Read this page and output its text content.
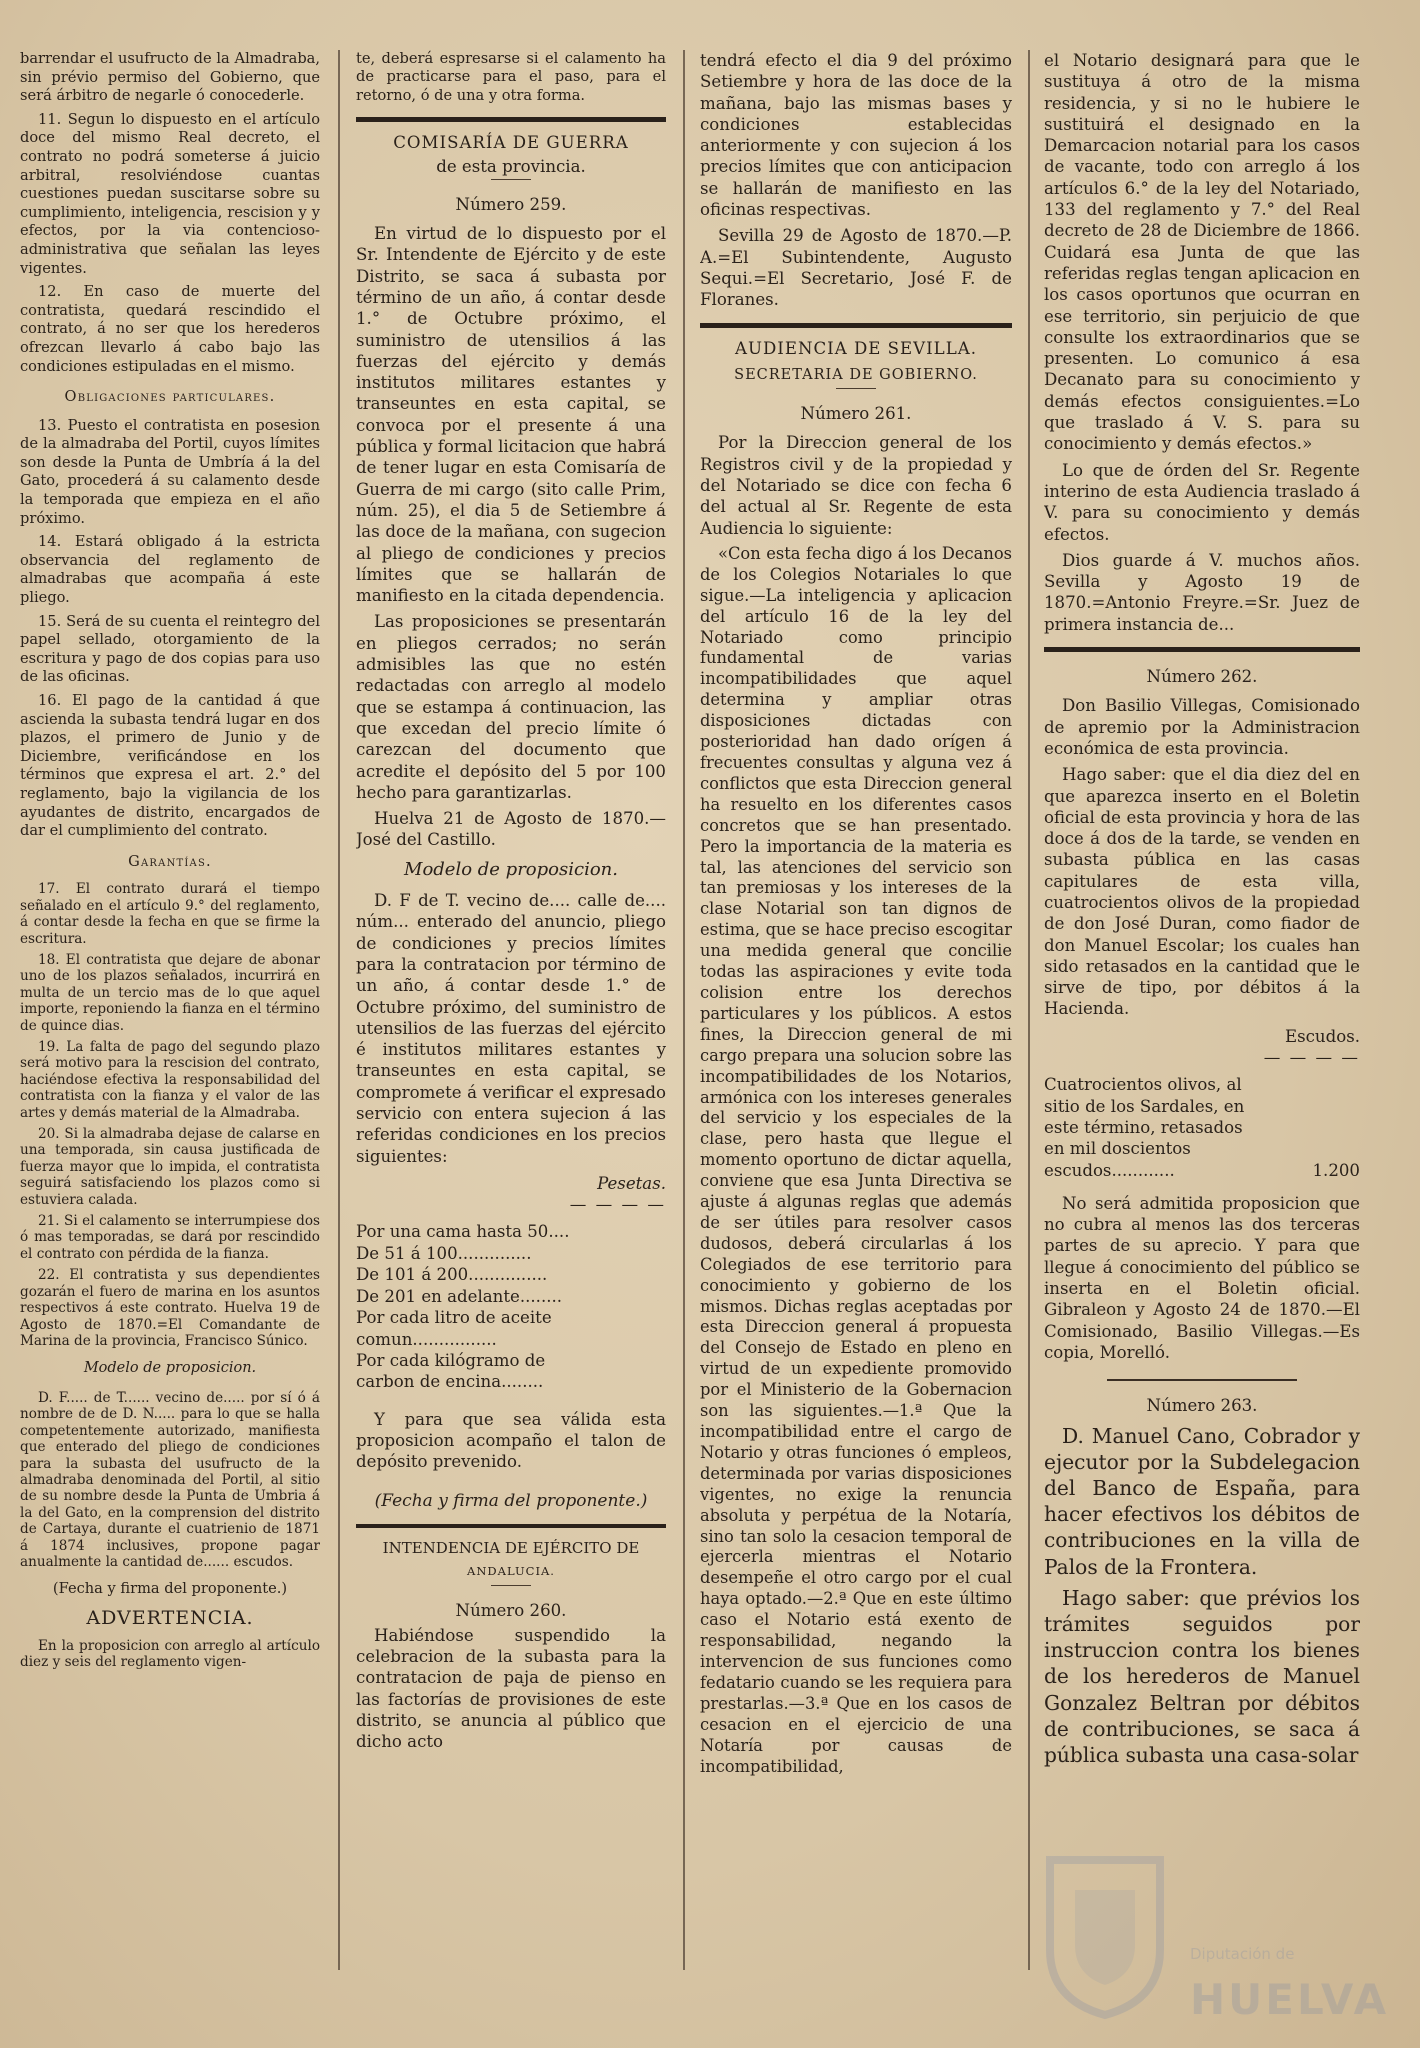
barrendar el usufructo de la Almadraba, sin prévio permiso del Gobierno, que será árbitro de negarle ó conocederle.

11. Segun lo dispuesto en el artículo doce del mismo Real decreto, el contrato no podrá someterse á juicio arbitral, resolviéndose cuantas cuestiones puedan suscitarse sobre su cumplimiento, inteligencia, rescision y y efectos, por la via contencioso-administrativa que señalan las leyes vigentes.

12. En caso de muerte del contratista, quedará rescindido el contrato, á no ser que los herederos ofrezcan llevarlo á cabo bajo las condiciones estipuladas en el mismo.

Obligaciones particulares.

13. Puesto el contratista en posesion de la almadraba del Portil, cuyos límites son desde la Punta de Umbría á la del Gato, procederá á su calamento desde la temporada que empieza en el año próximo.

14. Estará obligado á la estricta observancia del reglamento de almadrabas que acompaña á este pliego.

15. Será de su cuenta el reintegro del papel sellado, otorgamiento de la escritura y pago de dos copias para uso de las oficinas.

16. El pago de la cantidad á que ascienda la subasta tendrá lugar en dos plazos, el primero de Junio y de Diciembre, verificándose en los términos que expresa el art. 2.° del reglamento, bajo la vigilancia de los ayudantes de distrito, encargados de dar el cumplimiento del contrato.

Garantías.

17. El contrato durará el tiempo señalado en el artículo 9.° del reglamento, á contar desde la fecha en que se firme la escritura.

18. El contratista que dejare de abonar uno de los plazos señalados, incurrirá en multa de un tercio mas de lo que aquel importe, reponiendo la fianza en el término de quince dias.

19. La falta de pago del segundo plazo será motivo para la rescision del contrato, haciéndose efectiva la responsabilidad del contratista con la fianza y el valor de las artes y demás material de la Almadraba.

20. Si la almadraba dejase de calarse en una temporada, sin causa justificada de fuerza mayor que lo impida, el contratista seguirá satisfaciendo los plazos como si estuviera calada.

21. Si el calamento se interrumpiese dos ó mas temporadas, se dará por rescindido el contrato con pérdida de la fianza.

22. El contratista y sus dependientes gozarán el fuero de marina en los asuntos respectivos á este contrato. Huelva 19 de Agosto de 1870.=El Comandante de Marina de la provincia, Francisco Súnico.

Modelo de proposicion.

D. F..... de T...... vecino de..... por sí ó á nombre de de D. N..... para lo que se halla competentemente autorizado, manifiesta que enterado del pliego de condiciones para la subasta del usufructo de la almadraba denominada del Portil, al sitio de su nombre desde la Punta de Umbria á la del Gato, en la comprension del distrito de Cartaya, durante el cuatrienio de 1871 á 1874 inclusives, propone pagar anualmente la cantidad de...... escudos.

(Fecha y firma del proponente.)

ADVERTENCIA.

En la proposicion con arreglo al artículo diez y seis del reglamento vigen-

te, deberá espresarse si el calamento ha de practicarse para el paso, para el retorno, ó de una y otra forma.

COMISARÍA DE GUERRA

de esta provincia.

Número 259.

En virtud de lo dispuesto por el Sr. Intendente de Ejército y de este Distrito, se saca á subasta por término de un año, á contar desde 1.° de Octubre próximo, el suministro de utensilios á las fuerzas del ejército y demás institutos militares estantes y transeuntes en esta capital, se convoca por el presente á una pública y formal licitacion que habrá de tener lugar en esta Comisaría de Guerra de mi cargo (sito calle Prim, núm. 25), el dia 5 de Setiembre á las doce de la mañana, con sugecion al pliego de condiciones y precios límites que se hallarán de manifiesto en la citada dependencia.

Las proposiciones se presentarán en pliegos cerrados; no serán admisibles las que no estén redactadas con arreglo al modelo que se estampa á continuacion, las que excedan del precio límite ó carezcan del documento que acredite el depósito del 5 por 100 hecho para garantizarlas.

Huelva 21 de Agosto de 1870.—José del Castillo.

Modelo de proposicion.

D. F de T. vecino de.... calle de.... núm... enterado del anuncio, pliego de condiciones y precios límites para la contratacion por término de un año, á contar desde 1.° de Octubre próximo, del suministro de utensilios de las fuerzas del ejército é institutos militares estantes y transeuntes en esta capital, se compromete á verificar el expresado servicio con entera sujecion á las referidas condiciones en los precios siguientes:

Pesetas.

— — — —

Por una cama hasta 50....	
De 51 á 100..............	
De 101 á 200...............	
De 201 en adelante........	
Por cada litro de aceite comun................	
Por cada kilógramo de carbon de encina........	

Y para que sea válida esta proposicion acompaño el talon de depósito prevenido.

(Fecha y firma del proponente.)

INTENDENCIA DE EJÉRCITO DE

ANDALUCIA.

Número 260.

Habiéndose suspendido la celebracion de la subasta para la contratacion de paja de pienso en las factorías de provisiones de este distrito, se anuncia al público que dicho acto

tendrá efecto el dia 9 del próximo Setiembre y hora de las doce de la mañana, bajo las mismas bases y condiciones establecidas anteriormente y con sujecion á los precios límites que con anticipacion se hallarán de manifiesto en las oficinas respectivas.

Sevilla 29 de Agosto de 1870.—P. A.=El Subintendente, Augusto Sequi.=El Secretario, José F. de Floranes.

AUDIENCIA DE SEVILLA.

SECRETARIA DE GOBIERNO.

Número 261.

Por la Direccion general de los Registros civil y de la propiedad y del Notariado se dice con fecha 6 del actual al Sr. Regente de esta Audiencia lo siguiente:

«Con esta fecha digo á los Decanos de los Colegios Notariales lo que sigue.—La inteligencia y aplicacion del artículo 16 de la ley del Notariado como principio fundamental de varias incompatibilidades que aquel determina y ampliar otras disposiciones dictadas con posterioridad han dado orígen á frecuentes consultas y alguna vez á conflictos que esta Direccion general ha resuelto en los diferentes casos concretos que se han presentado. Pero la importancia de la materia es tal, las atenciones del servicio son tan premiosas y los intereses de la clase Notarial son tan dignos de estima, que se hace preciso escogitar una medida general que concilie todas las aspiraciones y evite toda colision entre los derechos particulares y los públicos. A estos fines, la Direccion general de mi cargo prepara una solucion sobre las incompatibilidades de los Notarios, armónica con los intereses generales del servicio y los especiales de la clase, pero hasta que llegue el momento oportuno de dictar aquella, conviene que esa Junta Directiva se ajuste á algunas reglas que además de ser útiles para resolver casos dudosos, deberá circularlas á los Colegiados de ese territorio para conocimiento y gobierno de los mismos. Dichas reglas aceptadas por esta Direccion general á propuesta del Consejo de Estado en pleno en virtud de un expediente promovido por el Ministerio de la Gobernacion son las siguientes.—1.ª Que la incompatibilidad entre el cargo de Notario y otras funciones ó empleos, determinada por varias disposiciones vigentes, no exige la renuncia absoluta y perpétua de la Notaría, sino tan solo la cesacion temporal de ejercerla mientras el Notario desempeñe el otro cargo por el cual haya optado.—2.ª Que en este último caso el Notario está exento de responsabilidad, negando la intervencion de sus funciones como fedatario cuando se les requiera para prestarlas.—3.ª Que en los casos de cesacion en el ejercicio de una Notaría por causas de incompatibilidad,

el Notario designará para que le sustituya á otro de la misma residencia, y si no le hubiere le sustituirá el designado en la Demarcacion notarial para los casos de vacante, todo con arreglo á los artículos 6.° de la ley del Notariado, 133 del reglamento y 7.° del Real decreto de 28 de Diciembre de 1866. Cuidará esa Junta de que las referidas reglas tengan aplicacion en los casos oportunos que ocurran en ese territorio, sin perjuicio de que consulte los extraordinarios que se presenten. Lo comunico á esa Decanato para su conocimiento y demás efectos consiguientes.=Lo que traslado á V. S. para su conocimiento y demás efectos.»

Lo que de órden del Sr. Regente interino de esta Audiencia traslado á V. para su conocimiento y demás efectos.

Dios guarde á V. muchos años. Sevilla y Agosto 19 de 1870.=Antonio Freyre.=Sr. Juez de primera instancia de...

Número 262.

Don Basilio Villegas, Comisionado de apremio por la Administracion económica de esta provincia.

Hago saber: que el dia diez del en que aparezca inserto en el Boletin oficial de esta provincia y hora de las doce á dos de la tarde, se venden en subasta pública en las casas capitulares de esta villa, cuatrocientos olivos de la propiedad de don José Duran, como fiador de don Manuel Escolar; los cuales han sido retasados en la cantidad que le sirve de tipo, por débitos á la Hacienda.

Escudos.

— — — —

Cuatrocientos olivos, al sitio de los Sardales, en este término, retasados en mil doscientos escudos............	1.200

No será admitida proposicion que no cubra al menos las dos terceras partes de su aprecio. Y para que llegue á conocimiento del público se inserta en el Boletin oficial. Gibraleon y Agosto 24 de 1870.—El Comisionado, Basilio Villegas.—Es copia, Morelló.

Número 263.

D. Manuel Cano, Cobrador y ejecutor por la Subdelegacion del Banco de España, para hacer efectivos los débitos de contribuciones en la villa de Palos de la Frontera.

Hago saber: que prévios los trámites seguidos por instruccion contra los bienes de los herederos de Manuel Gonzalez Beltran por débitos de contribuciones, se saca á pública subasta una casa-solar

Diputación de
HUELVA
